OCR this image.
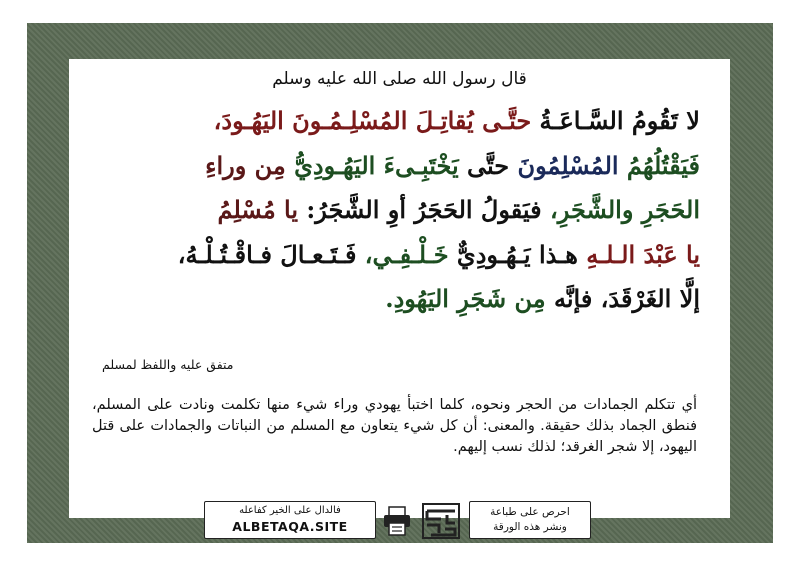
قال رسول الله صلى الله عليه وسلم
لا تَقُومُ السَّـاعَـةُ حتَّـى يُقاتِـلَ المُسْلِـمُـونَ اليَهُـودَ،
فَيَقْتُلُهُمُ المُسْلِمُونَ حتَّى يَخْتَبِـىءَ اليَهُـودِيُّ مِن وراءِ
الحَجَرِ والشَّجَرِ، فيَقولُ الحَجَرُ أوِ الشَّجَرُ: يا مُسْلِمُ
يا عَبْدَ الـلـهِ هـذا يَـهُـودِيٌّ خَـلْـفِـي، فَـتَـعـالَ فـاقْـتُـلْـهُ،
إلَّا الغَرْقَدَ، فإنَّه مِن شَجَرِ اليَهُودِ.
متفق عليه واللفظ لمسلم
أي تتكلم الجمادات من الحجر ونحوه، كلما اختبأ يهودي وراء شيء منها تكلمت ونادت على المسلم، فنطق الجماد بذلك حقيقة. والمعنى: أن كل شيء يتعاون مع المسلم من النباتات والجمادات على قتل اليهود، إلا شجر الغرقد؛ لذلك نسب إليهم.
فالدال على الخير كفاعله
ALBETAQA.SITE
احرص على طباعة
ونشر هذه الورقة
